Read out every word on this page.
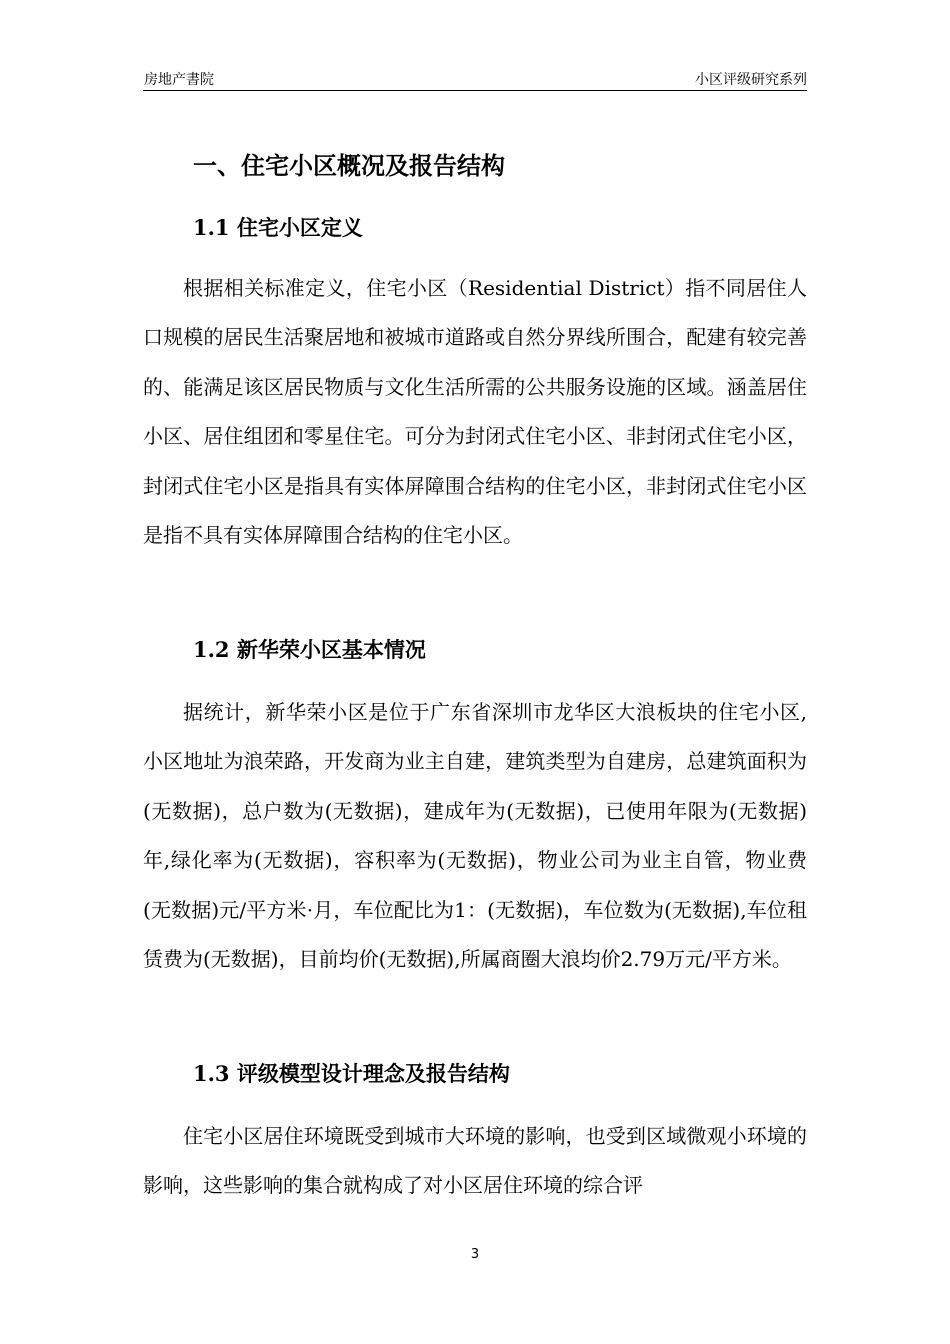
房地产書院	小区评级研究系列
一、住宅小区概况及报告结构
1.1 住宅小区定义

根据相关标准定义，住宅小区（Residential District）指不同居住人口规模的居民生活聚居地和被城市道路或自然分界线所围合，配建有较完善的、能满足该区居民物质与文化生活所需的公共服务设施的区域。涵盖居住小区、居住组团和零星住宅。可分为封闭式住宅小区、非封闭式住宅小区，封闭式住宅小区是指具有实体屏障围合结构的住宅小区，非封闭式住宅小区是指不具有实体屏障围合结构的住宅小区。

1.2 新华荣小区基本情况

据统计，新华荣小区是位于广东省深圳市龙华区大浪板块的住宅小区,小区地址为浪荣路，开发商为业主自建，建筑类型为自建房，总建筑面积为(无数据)，总户数为(无数据)，建成年为(无数据)，已使用年限为(无数据)年,绿化率为(无数据)，容积率为(无数据)，物业公司为业主自管，物业费(无数据)元/平方米·月，车位配比为1：(无数据)，车位数为(无数据),车位租赁费为(无数据)，目前均价(无数据),所属商圈大浪均价2.79万元/平方米。

1.3 评级模型设计理念及报告结构

住宅小区居住环境既受到城市大环境的影响，也受到区域微观小环境的影响，这些影响的集合就构成了对小区居住环境的综合评

3
